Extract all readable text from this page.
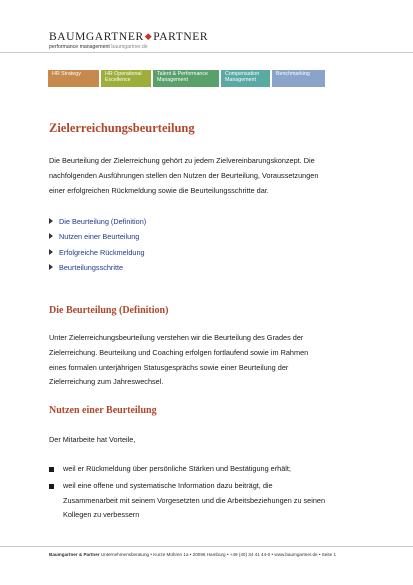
BAUMGARTNER◆PARTNER
performance management baumgartner.de
HR Strategy	HR Operational
Excellence
Talent & Performance
Management
Compensation
Management
Benchmarking
Zielerreichungsbeurteilung

Die Beurteilung der Zielerreichung gehört zu jedem Zielvereinbarungskonzept. Die
nachfolgenden Ausführungen stellen den Nutzen der Beurteilung, Voraussetzungen
einer erfolgreichen Rückmeldung sowie die Beurteilungsschritte dar.

Die Beurteilung (Definition)
Nutzen einer Beurteilung
Erfolgreiche Rückmeldung
Beurteilungsschritte
Die Beurteilung (Definition)

Unter Zielerreichungsbeurteilung verstehen wir die Beurteilung des Grades der
Zielerreichung. Beurteilung und Coaching erfolgen fortlaufend sowie im Rahmen
eines formalen unterjährigen Statusgesprächs sowie einer Beurteilung der
Zielerreichung zum Jahreswechsel.

Nutzen einer Beurteilung

Der Mitarbeite hat Vorteile,

weil er Rückmeldung über persönliche Stärken und Bestätigung erhält;
weil eine offene und systematische Information dazu beiträgt, die
Zusammenarbeit mit seinem Vorgesetzten und die Arbeitsbeziehungen zu seinen
Kollegen zu verbessern
Baumgartner & Partner Unternehmensberatung • Kurze Mühren 1a • 20095 Hamburg • +49 (40) 34 41 44-0 • www.baumgartner.de • Seite 1
